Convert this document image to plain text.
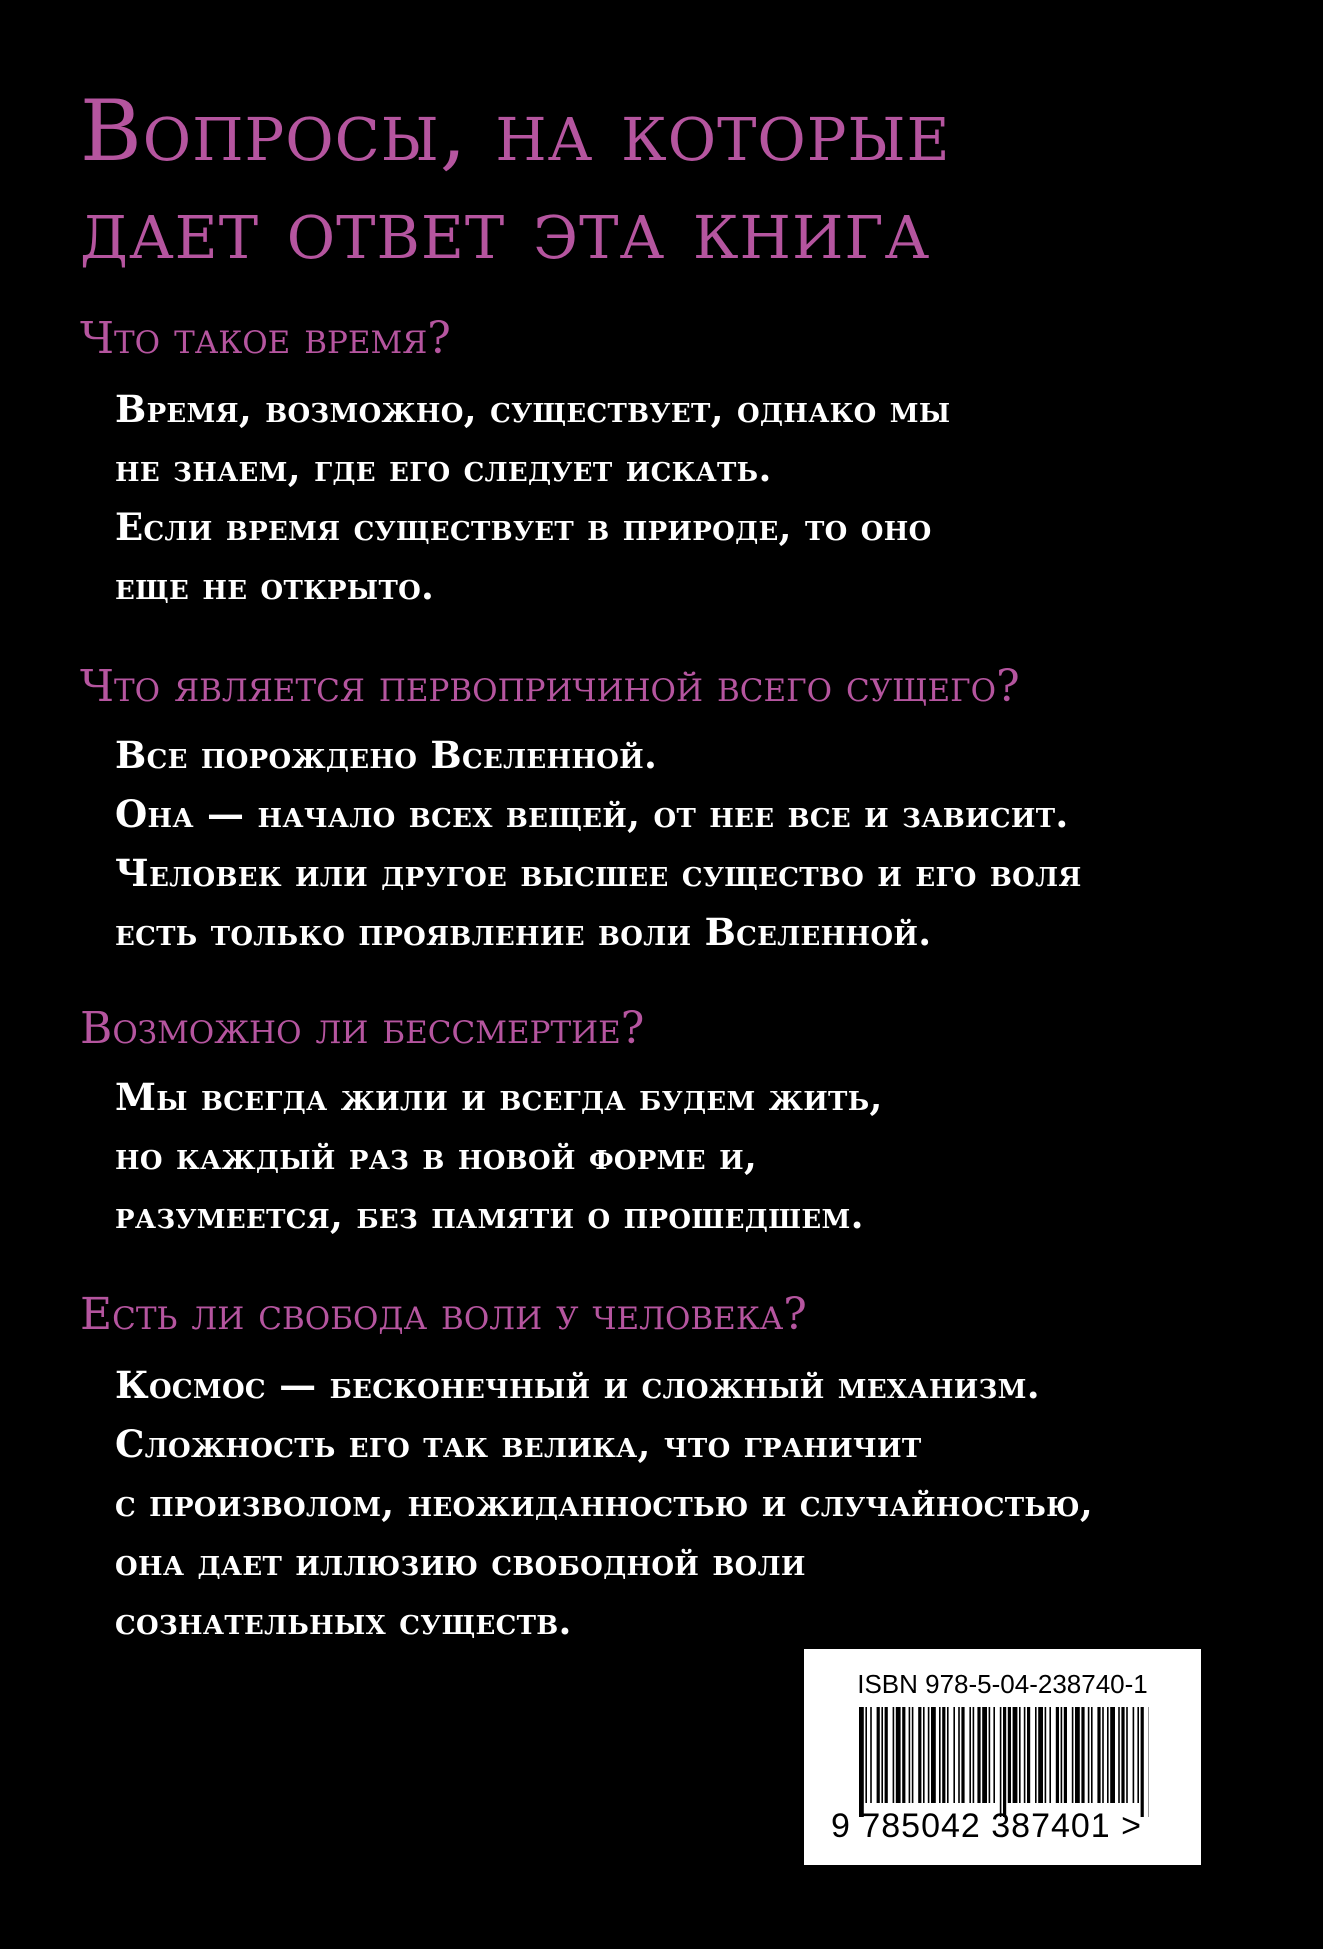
Вопросы, на которые
дает ответ эта книга
Что такое время?
Время, возможно, существует, однако мы
не знаем, где его следует искать.
Если время существует в природе, то оно
еще не открыто.
Что является первопричиной всего сущего?
Все порождено Вселенной.
Она — начало всех вещей, от нее все и зависит.
Человек или другое высшее существо и его воля
есть только проявление воли Вселенной.
Возможно ли бессмертие?
Мы всегда жили и всегда будем жить,
но каждый раз в новой форме и,
разумеется, без памяти о прошедшем.
Есть ли свобода воли у человека?
Космос — бесконечный и сложный механизм.
Сложность его так велика, что граничит
с произволом, неожиданностью и случайностью,
она дает иллюзию свободной воли
сознательных существ.
ISBN 978-5-04-238740-1
9 785042 387401 >
